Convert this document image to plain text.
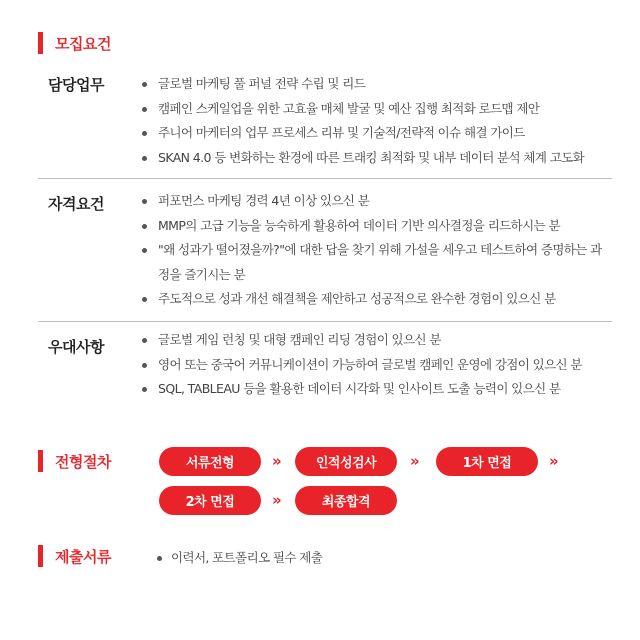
모집요건
담당업무	글로벌 마케팅 풀 퍼널 전략 수립 및 리드
캠페인 스케일업을 위한 고효율 매체 발굴 및 예산 집행 최적화 로드맵 제안
주니어 마케터의 업무 프로세스 리뷰 및 기술적/전략적 이슈 해결 가이드
SKAN 4.0 등 변화하는 환경에 따른 트래킹 최적화 및 내부 데이터 분석 체계 고도화
자격요건	퍼포먼스 마케팅 경력 4년 이상 있으신 분
MMP의 고급 기능을 능숙하게 활용하여 데이터 기반 의사결정을 리드하시는 분
"왜 성과가 떨어졌을까?"에 대한 답을 찾기 위해 가설을 세우고 테스트하여 증명하는 과정을 즐기시는 분
주도적으로 성과 개선 해결책을 제안하고 성공적으로 완수한 경험이 있으신 분
우대사항	글로벌 게임 런칭 및 대형 캠페인 리딩 경험이 있으신 분
영어 또는 중국어 커뮤니케이션이 가능하여 글로벌 캠페인 운영에 강점이 있으신 분
SQL, TABLEAU 등을 활용한 데이터 시각화 및 인사이트 도출 능력이 있으신 분
전형절차	서류전형	»	인적성검사	»	1차 면접	»
2차 면접	»	최종합격
제출서류	이력서, 포트폴리오 필수 제출
